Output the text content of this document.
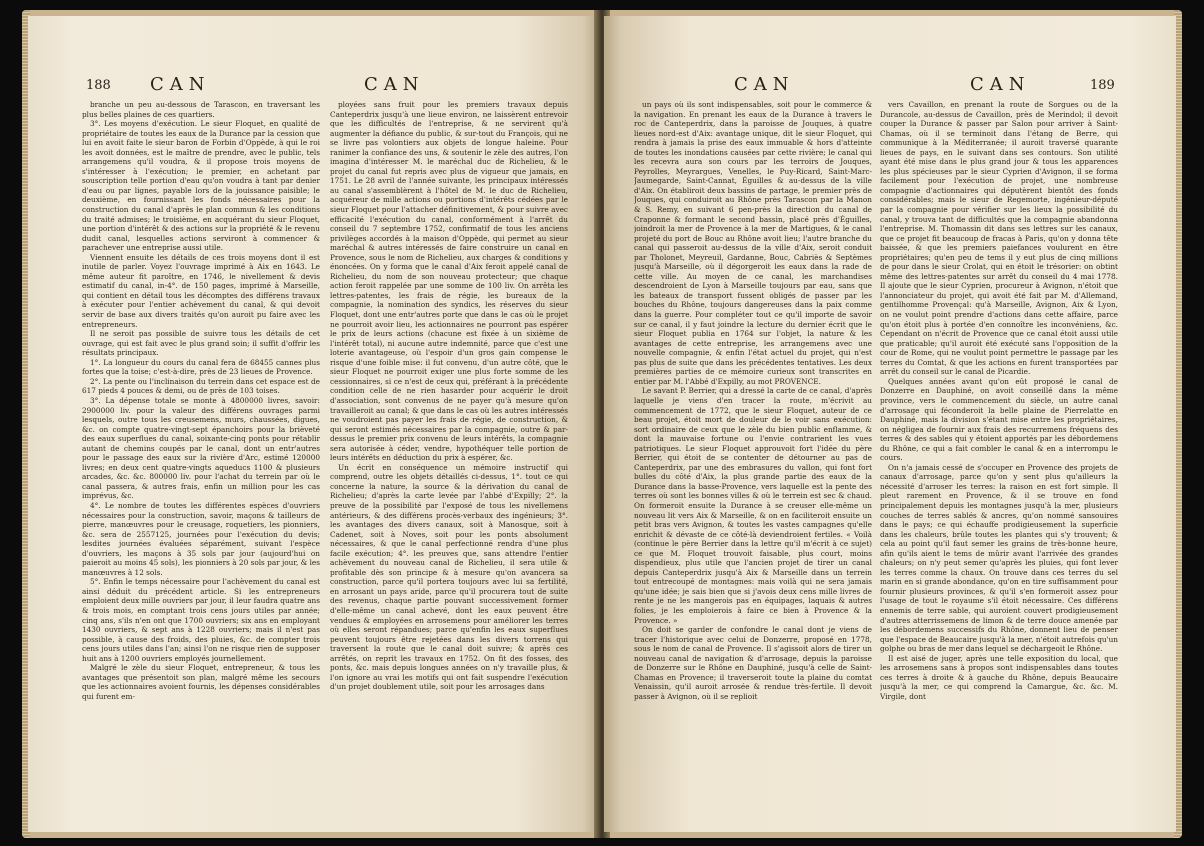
188 CAN	CAN

branche un peu au-dessous de Tarascon, en traversant les plus belles plaines de ces quartiers.

3°. Les moyens d'exécution. Le sieur Floquet, en qualité de propriétaire de toutes les eaux de la Durance par la cession que lui en avoit faite le sieur baron de Forbin d'Oppède, à qui le roi les avoit données, est le maître de prendre, avec le public, tels arrangemens qu'il voudra, & il propose trois moyens de s'intéresser à l'exécution; le premier, en achetant par souscription telle portion d'eau qu'on voudra à tant par denier d'eau ou par lignes, payable lors de la jouissance paisible; le deuxième, en fournissant les fonds nécessaires pour la construction du canal d'après le plan commun & les conditions du traité admises; le troisième, en acquérant du sieur Floquet, une portion d'intérêt & des actions sur la propriété & le revenu dudit canal, lesquelles actions serviront à commencer & parachever une entreprise aussi utile.

Viennent ensuite les détails de ces trois moyens dont il est inutile de parler. Voyez l'ouvrage imprimé à Aix en 1643. Le même auteur fit paroître, en 1746, le nivellement & devis estimatif du canal, in-4°. de 150 pages, imprimé à Marseille, qui contient en détail tous les décomptes des différens travaux à exécuter pour l'entier achèvement du canal, & qui devoit servir de base aux divers traités qu'on auroit pu faire avec les entrepreneurs.

Il ne seroit pas possible de suivre tous les détails de cet ouvrage, qui est fait avec le plus grand soin; il suffit d'offrir les résultats principaux.

1°. La longueur du cours du canal fera de 68455 cannes plus fortes que la toise; c'est-à-dire, près de 23 lieues de Provence.

2°. La pente ou l'inclinaison du terrein dans cet espace est de 617 pieds 4 pouces & demi, ou de près de 103 toises.

3°. La dépense totale se monte à 4800000 livres, savoir: 2900000 liv. pour la valeur des différens ouvrages parmi lesquels, outre tous les creusemens, murs, chaussées, digues, &c. on compte quatre-vingt-sept épanchoirs pour la brièveté des eaux superflues du canal, soixante-cinq ponts pour rétablir autant de chemins coupés par le canal, dont un entr'autres pour le passage des eaux sur la rivière d'Arc, estimé 120000 livres; en deux cent quatre-vingts aqueducs 1100 & plusieurs arcades, &c. &c. 800000 liv. pour l'achat du terrein par où le canal passera, & autres frais, enfin un million pour les cas imprévus, &c.

4°. Le nombre de toutes les différentes espèces d'ouvriers nécessaires pour la construction, savoir, maçons & tailleurs de pierre, manœuvres pour le creusage, roquetiers, les pionniers, &c. sera de 2557125, journées pour l'exécution du devis; lesdites journées évaluées séparément, suivant l'espèce d'ouvriers, les maçons à 35 sols par jour (aujourd'hui on paieroit au moins 45 sols), les pionniers à 20 sols par jour, & les manœuvres à 12 sols.

5°. Enfin le temps nécessaire pour l'achèvement du canal est ainsi déduit du précédent article. Si les entrepreneurs emploient deux mille ouvriers par jour, il leur faudra quatre ans & trois mois, en comptant trois cens jours utiles par année; cinq ans, s'ils n'en ont que 1700 ouvriers; six ans en employant 1430 ouvriers, & sept ans à 1228 ouvriers; mais il n'est pas possible, à cause des froids, des pluies, &c. de compter trois cens jours utiles dans l'an; ainsi l'on ne risque rien de supposer huit ans à 1200 ouvriers employés journellement.

Malgré le zèle du sieur Floquet, entrepreneur, & tous les avantages que présentoit son plan, malgré même les secours que les actionnaires avoient fournis, les dépenses considérables qui furent em-

ployées sans fruit pour les premiers travaux depuis Canteperdrix jusqu'à une lieue environ, ne laissèrent entrevoir que les difficultés de l'entreprise, & ne servirent qu'à augmenter la défiance du public, & sur-tout du François, qui ne se livre pas volontiers aux objets de longue haleine. Pour ranimer la confiance des uns, & soutenir le zèle des autres, l'on imagina d'intéresser M. le maréchal duc de Richelieu, & le projet du canal fut repris avec plus de vigueur que jamais, en 1751. Le 28 avril de l'année suivante, les principaux intéressés au canal s'assemblèrent à l'hôtel de M. le duc de Richelieu, acquéreur de mille actions ou portions d'intérêts cédées par le sieur Floquet pour l'attacher définitivement, & pour suivre avec efficacité l'exécution du canal, conformément à l'arrêt du conseil du 7 septembre 1752, confirmatif de tous les anciens privilèges accordés à la maison d'Oppède, qui permet au sieur maréchal & autres intéressés de faire construire un canal en Provence, sous le nom de Richelieu, aux charges & conditions y énoncées. On y forma que le canal d'Aix feroit appelé canal de Richelieu, du nom de son nouveau protecteur; que chaque action feroit rappelée par une somme de 100 liv. On arrêta les lettres-patentes, les frais de régie, les bureaux de la compagnie, la nomination des syndics, les réserves du sieur Floquet, dont une entr'autres porte que dans le cas où le projet ne pourroit avoir lieu, les actionnaires ne pourront pas espérer le prix de leurs actions (chacune est fixée à un sixième de l'intérêt total), ni aucune autre indemnité, parce que c'est une loterie avantageuse, où l'espoir d'un gros gain compense le risque d'une foible mise: il fut convenu, d'un autre côté, que le sieur Floquet ne pourroit exiger une plus forte somme de les cessionnaires, si ce n'est de ceux qui, préférant à la précédente condition celle de ne rien hasarder pour acquérir le droit d'association, sont convenus de ne payer qu'à mesure qu'on travailleroit au canal; & que dans le cas où les autres intéressés ne voudroient pas payer les frais de régie, de construction, & qui seront estimés nécessaires par la compagnie, outre & par-dessus le premier prix convenu de leurs intérêts, la compagnie sera autorisée à céder, vendre, hypothéquer telle portion de leurs intérêts en déduction du prix à espérer, &c.

Un écrit en conséquence un mémoire instructif qui comprend, outre les objets détaillés ci-dessus, 1°. tout ce qui concerne la nature, la source & la dérivation du canal de Richelieu; d'après la carte levée par l'abbé d'Expilly; 2°. la preuve de la possibilité par l'exposé de tous les nivellemens antérieurs, & des différens procès-verbaux des ingénieurs; 3°. les avantages des divers canaux, soit à Manosque, soit à Cadenet, soit à Noves, soit pour les ponts absolument nécessaires, & que le canal perfectionné rendra d'une plus facile exécution; 4°. les preuves que, sans attendre l'entier achèvement du nouveau canal de Richelieu, il sera utile & profitable dès son principe & à mesure qu'on avancera sa construction, parce qu'il portera toujours avec lui sa fertilité, en arrosant un pays aride, parce qu'il procurera tout de suite des revenus, chaque partie pouvant successivement former d'elle-même un canal achevé, dont les eaux peuvent être vendues & employées en arrosemens pour améliorer les terres où elles seront répandues; parce qu'enfin les eaux superflues peuvent toujours être rejetées dans les divers torrens qui traversent la route que le canal doit suivre; & après ces arrêtés, on reprit les travaux en 1752. On fit des fosses, des ponts, &c. mais depuis longues années on n'y travaille plus, & l'on ignore au vrai les motifs qui ont fait suspendre l'exécution d'un projet doublement utile, soit pour les arrosages dans

CAN	CAN	189

un pays où ils sont indispensables, soit pour le commerce & la navigation. En prenant les eaux de la Durance à travers le roc de Canteperdrix, dans la paroisse de Jouques, à quatre lieues nord-est d'Aix: avantage unique, dit le sieur Floquet, qui rendra à jamais la prise des eaux immuable & hors d'atteinte de toutes les inondations causées par cette rivière; le canal qui les recevra aura son cours par les terroirs de Jouques, Peyrolles, Meyrargues, Venelles, le Puy-Ricard, Saint-Marc-Jaumegarde, Saint-Cannat, Éguilles & au-dessus de la ville d'Aix. On établiroit deux bassins de partage, le premier près de Jouques, qui conduiroit au Rhône près Tarascon par la Manon & S. Remy, en suivant 6 pen-près la direction du canal de Craponne & formant le second bassin, placé près d'Éguilles, joindroit la mer de Provence à la mer de Martigues, & le canal projeté du port de Bouc au Rhône avoit lieu; l'autre branche du canal qui passeroit au-dessus de la ville d'Aix, seroit conduit par Tholonet, Meyreuil, Gardanne, Bouc, Cabriès & Septèmes jusqu'à Marseille, où il dégorgeroit les eaux dans la rade de cette ville. Au moyen de ce canal, les marchandises descendroient de Lyon à Marseille toujours par eau, sans que les bateaux de transport fussent obligés de passer par les bouches du Rhône, toujours dangereuses dans la paix comme dans la guerre. Pour compléter tout ce qu'il importe de savoir sur ce canal, il y faut joindre la lecture du dernier écrit que le sieur Floquet publia en 1764 sur l'objet, la nature & les avantages de cette entreprise, les arrangemens avec une nouvelle compagnie, & enfin l'état actuel du projet, qui n'est pas plus de suite que dans les précédentes tentatives. Les deux premières parties de ce mémoire curieux sont transcrites en entier par M. l'Abbé d'Expilly, au mot PROVENCE.

Le savant P. Berrier, qui a dressé la carte de ce canal, d'après laquelle je viens d'en tracer la route, m'écrivit au commencement de 1772, que le sieur Floquet, auteur de ce beau projet, étoit mort de douleur de le voir sans exécution: sort ordinaire de ceux que le zèle du bien public enflamme, & dont la mauvaise fortune ou l'envie contrarient les vues patriotiques. Le sieur Floquet approuvoit fort l'idée du père Berrier, qui étoit de se contenter de détourner au pas de Canteperdrix, par une des embrasures du vallon, qui font fort bulles du côté d'Aix, la plus grande partie des eaux de la Durance dans la basse-Provence, vers laquelle est la pente des terres où sont les bonnes villes & où le terrein est sec & chaud. On formeroit ensuite la Durance à se creuser elle-même un nouveau lit vers Aix & Marseille, & on en faciliteroit ensuite un petit bras vers Avignon, & toutes les vastes campagnes qu'elle enrichit & dévaste de ce côté-là deviendroient fertiles. « Voilà (continue le père Berrier dans la lettre qu'il m'écrit à ce sujet) ce que M. Floquet trouvoit faisable, plus court, moins dispendieux, plus utile que l'ancien projet de tirer un canal depuis Canteperdrix jusqu'à Aix & Marseille dans un terrein tout entrecoupé de montagnes: mais voilà qui ne sera jamais qu'une idée; je sais bien que si j'avois deux cens mille livres de rente je ne les mangerois pas en équipages, laquais & autres folies, je les emploierois à faire ce bien à Provence & la Provence. »

On doit se garder de confondre le canal dont je viens de tracer l'historique avec celui de Donzerre, proposé en 1778, sous le nom de canal de Provence. Il s'agissoit alors de tirer un nouveau canal de navigation & d'arrosage, depuis la paroisse de Donzerre sur le Rhône en Dauphiné, jusqu'à celle de Saint-Chamas en Provence; il traverseroit toute la plaine du comtat Venaissin, qu'il auroit arrosée & rendue très-fertile. Il devoit passer à Avignon, où il se replioit

vers Cavaillon, en prenant la route de Sorgues ou de la Durancole, au-dessus de Cavaillon, près de Merindol; il devoit couper la Durance & passer par Salon pour arriver à Saint-Chamas, où il se terminoit dans l'étang de Berre, qui communique à la Méditerranée; il auroit traversé quarante lieues de pays, en le suivant dans ses contours. Son utilité ayant été mise dans le plus grand jour & tous les apparences les plus spécieuses par le sieur Cyprien d'Avignon, il se forma facilement pour l'exécution de projet, une nombreuse compagnie d'actionnaires qui députèrent bientôt des fonds considérables; mais le sieur de Regemorte, ingénieur-député par la compagnie pour vérifier sur les lieux la possibilité du canal, y trouva tant de difficultés que la compagnie abandonna l'entreprise. M. Thomassin dit dans ses lettres sur les canaux, que ce projet fit beaucoup de fracas à Paris, qu'on y donna tête baissée, & que les premiers paiefances voulurent en être propriétaires; qu'en peu de tems il y eut plus de cinq millions de pour dans le sieur Crolat, qui en étoit le trésorier: on obtint même des lettres-patentes sur arrêt du conseil du 4 mai 1778. Il ajoute que le sieur Cyprien, procureur à Avignon, n'étoit que l'annonciateur du projet, qui avoit été fait par M. d'Allemand, gentilhomme Provençal: qu'à Marseille, Avignon, Aix & Lyon, on ne voulut point prendre d'actions dans cette affaire, parce qu'on étoit plus à portée d'en connoître les inconvéniens, &c. Cependant on n'écrit de Provence que ce canal étoit aussi utile que praticable; qu'il auroit été exécuté sans l'opposition de la cour de Rome, qui ne voulut point permettre le passage par les terres du Comtat, & que les actions en furent transportées par arrêt du conseil sur le canal de Picardie.

Quelques années avant qu'on eût proposé le canal de Donzerre en Dauphiné, on avoit conseillé dans la même province, vers le commencement du siècle, un autre canal d'arrosage qui féconderoit la belle plaine de Pierrelatte en Dauphiné, mais la division s'étant mise entre les propriétaires, on négligea de fournir aux frais des recurremens fréquens des terres & des sables qui y étoient apportés par les débordemens du Rhône, ce qui a fait combler le canal & en a interrompu le cours.

On n'a jamais cessé de s'occuper en Provence des projets de canaux d'arrosage, parce qu'on y sent plus qu'ailleurs la nécessité d'arroser les terres: la raison en est fort simple. Il pleut rarement en Provence, & il se trouve en fond principalement depuis les montagnes jusqu'à la mer, plusieurs couches de terres sablés & ancres, qu'on nommé sansouires dans le pays; ce qui échauffe prodigieusement la superficie dans les chaleurs, brûle toutes les plantes qui s'y trouvent; & cela au point qu'il faut semer les grains de très-bonne heure, afin qu'ils aient le tems de mûrir avant l'arrivée des grandes chaleurs; on n'y peut semer qu'après les pluies, qui font lever les terres comme la chaux. On trouve dans ces terres du sel marin en si grande abondance, qu'on en tire suffisamment pour fournir plusieurs provinces, & qu'il s'en formeroit assez pour l'usage de tout le royaume s'il étoit nécessaire. Ces différens ennemis de terre sable, qui auroient couvert prodigieusement d'autres atterrissemens de limon & de terre douce amenée par les débordemens successifs du Rhône, donnent lieu de penser que l'espace de Beaucaire jusqu'à la mer, n'étoit autrefois qu'un golphe ou bras de mer dans lequel se déchargeoit le Rhône.

Il est aisé de juger, après une telle exposition du local, que les arrosemens sans à propos sont indispensables dans toutes ces terres à droite & à gauche du Rhône, depuis Beaucaire jusqu'à la mer, ce qui comprend la Camargue, &c. &c. M. Virgile, dont
